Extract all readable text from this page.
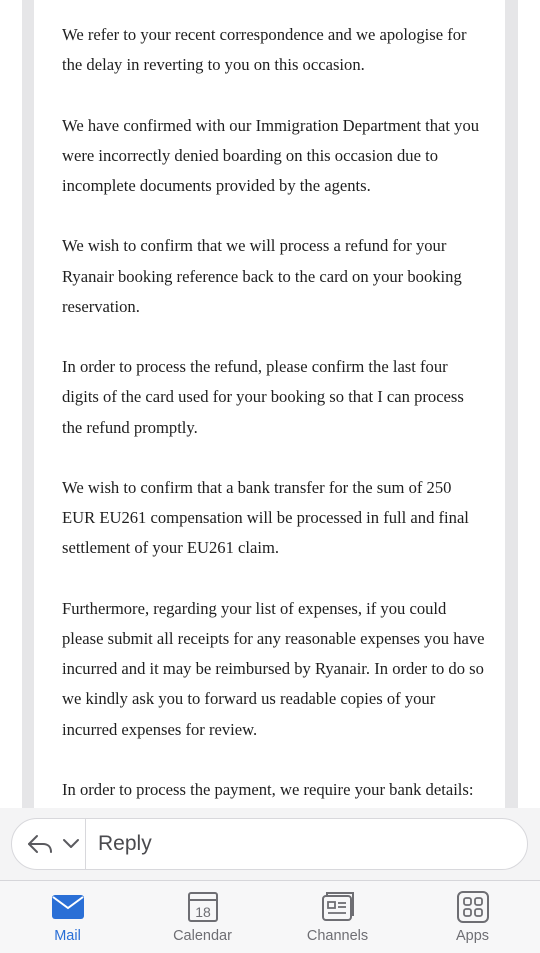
We refer to your recent correspondence and we apologise for the delay in reverting to you on this occasion.

We have confirmed with our Immigration Department that you were incorrectly denied boarding on this occasion due to incomplete documents provided by the agents.

We wish to confirm that we will process a refund for your Ryanair booking reference back to the card on your booking reservation.

In order to process the refund, please confirm the last four digits of the card used for your booking so that I can process the refund promptly.

We wish to confirm that a bank transfer for the sum of 250 EUR EU261 compensation will be processed in full and final settlement of your EU261 claim.

Furthermore, regarding your list of expenses, if you could please submit all receipts for any reasonable expenses you have incurred and it may be reimbursed by Ryanair. In order to do so we kindly ask you to forward us readable copies of your incurred expenses for review.

In order to process the payment, we require your bank details:

Reply
Mail
18
Calendar	Channels	Apps
